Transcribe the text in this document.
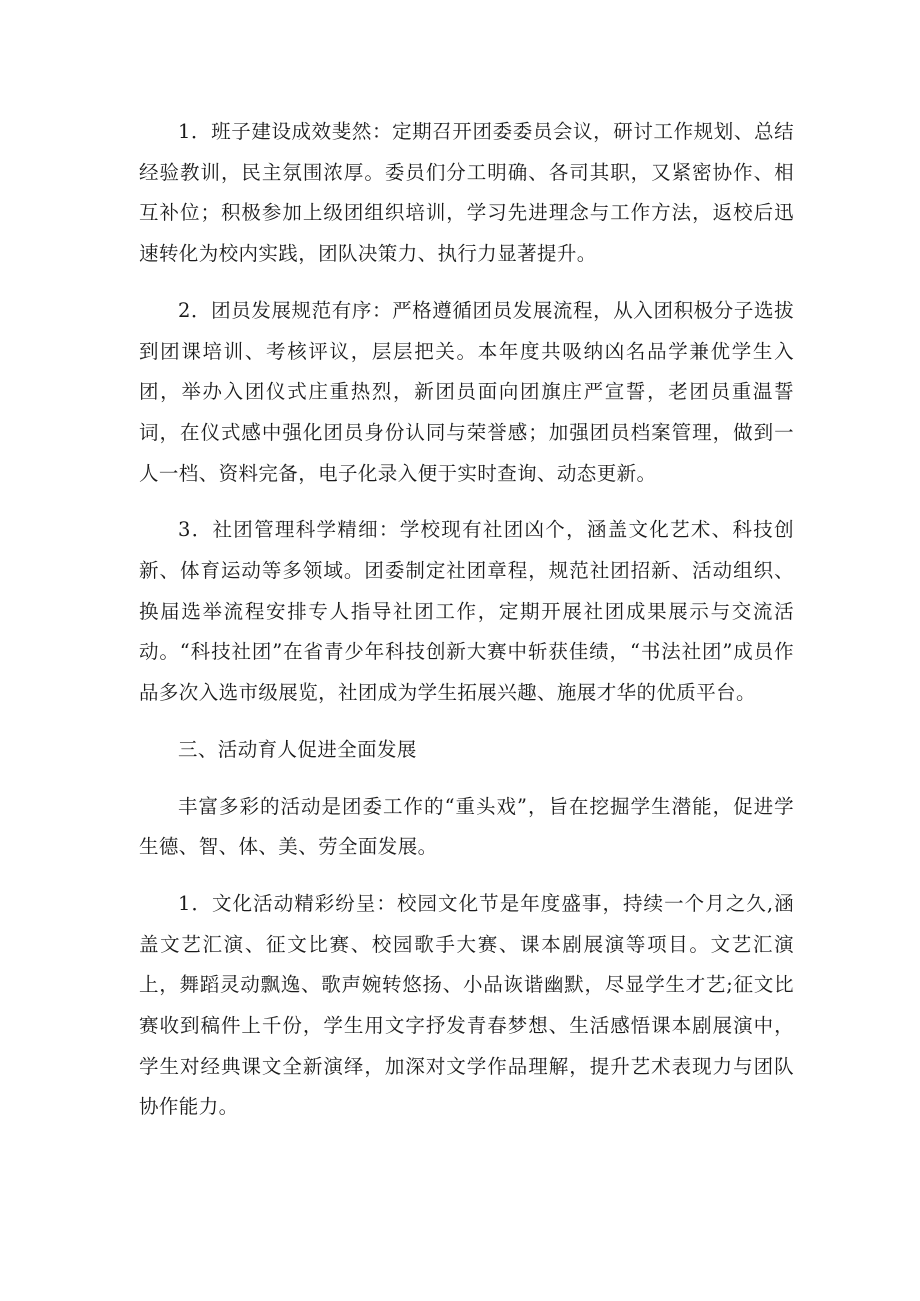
1．班子建设成效斐然：定期召开团委委员会议，研讨工作规划、总结经验教训，民主氛围浓厚。委员们分工明确、各司其职，又紧密协作、相互补位；积极参加上级团组织培训，学习先进理念与工作方法，返校后迅速转化为校内实践，团队决策力、执行力显著提升。

2．团员发展规范有序：严格遵循团员发展流程，从入团积极分子选拔到团课培训、考核评议，层层把关。本年度共吸纳凶名品学兼优学生入团，举办入团仪式庄重热烈，新团员面向团旗庄严宣誓，老团员重温誓词，在仪式感中强化团员身份认同与荣誉感；加强团员档案管理，做到一人一档、资料完备，电子化录入便于实时查询、动态更新。

3．社团管理科学精细：学校现有社团凶个，涵盖文化艺术、科技创新、体育运动等多领域。团委制定社团章程，规范社团招新、活动组织、换届选举流程安排专人指导社团工作，定期开展社团成果展示与交流活动。“科技社团”在省青少年科技创新大赛中斩获佳绩，“书法社团”成员作品多次入选市级展览，社团成为学生拓展兴趣、施展才华的优质平台。

三、活动育人促进全面发展

丰富多彩的活动是团委工作的“重头戏”，旨在挖掘学生潜能，促进学生德、智、体、美、劳全面发展。

1．文化活动精彩纷呈：校园文化节是年度盛事，持续一个月之久,涵盖文艺汇演、征文比赛、校园歌手大赛、课本剧展演等项目。文艺汇演上，舞蹈灵动飘逸、歌声婉转悠扬、小品诙谐幽默，尽显学生才艺;征文比赛收到稿件上千份，学生用文字抒发青春梦想、生活感悟课本剧展演中，学生对经典课文全新演绎，加深对文学作品理解，提升艺术表现力与团队协作能力。
